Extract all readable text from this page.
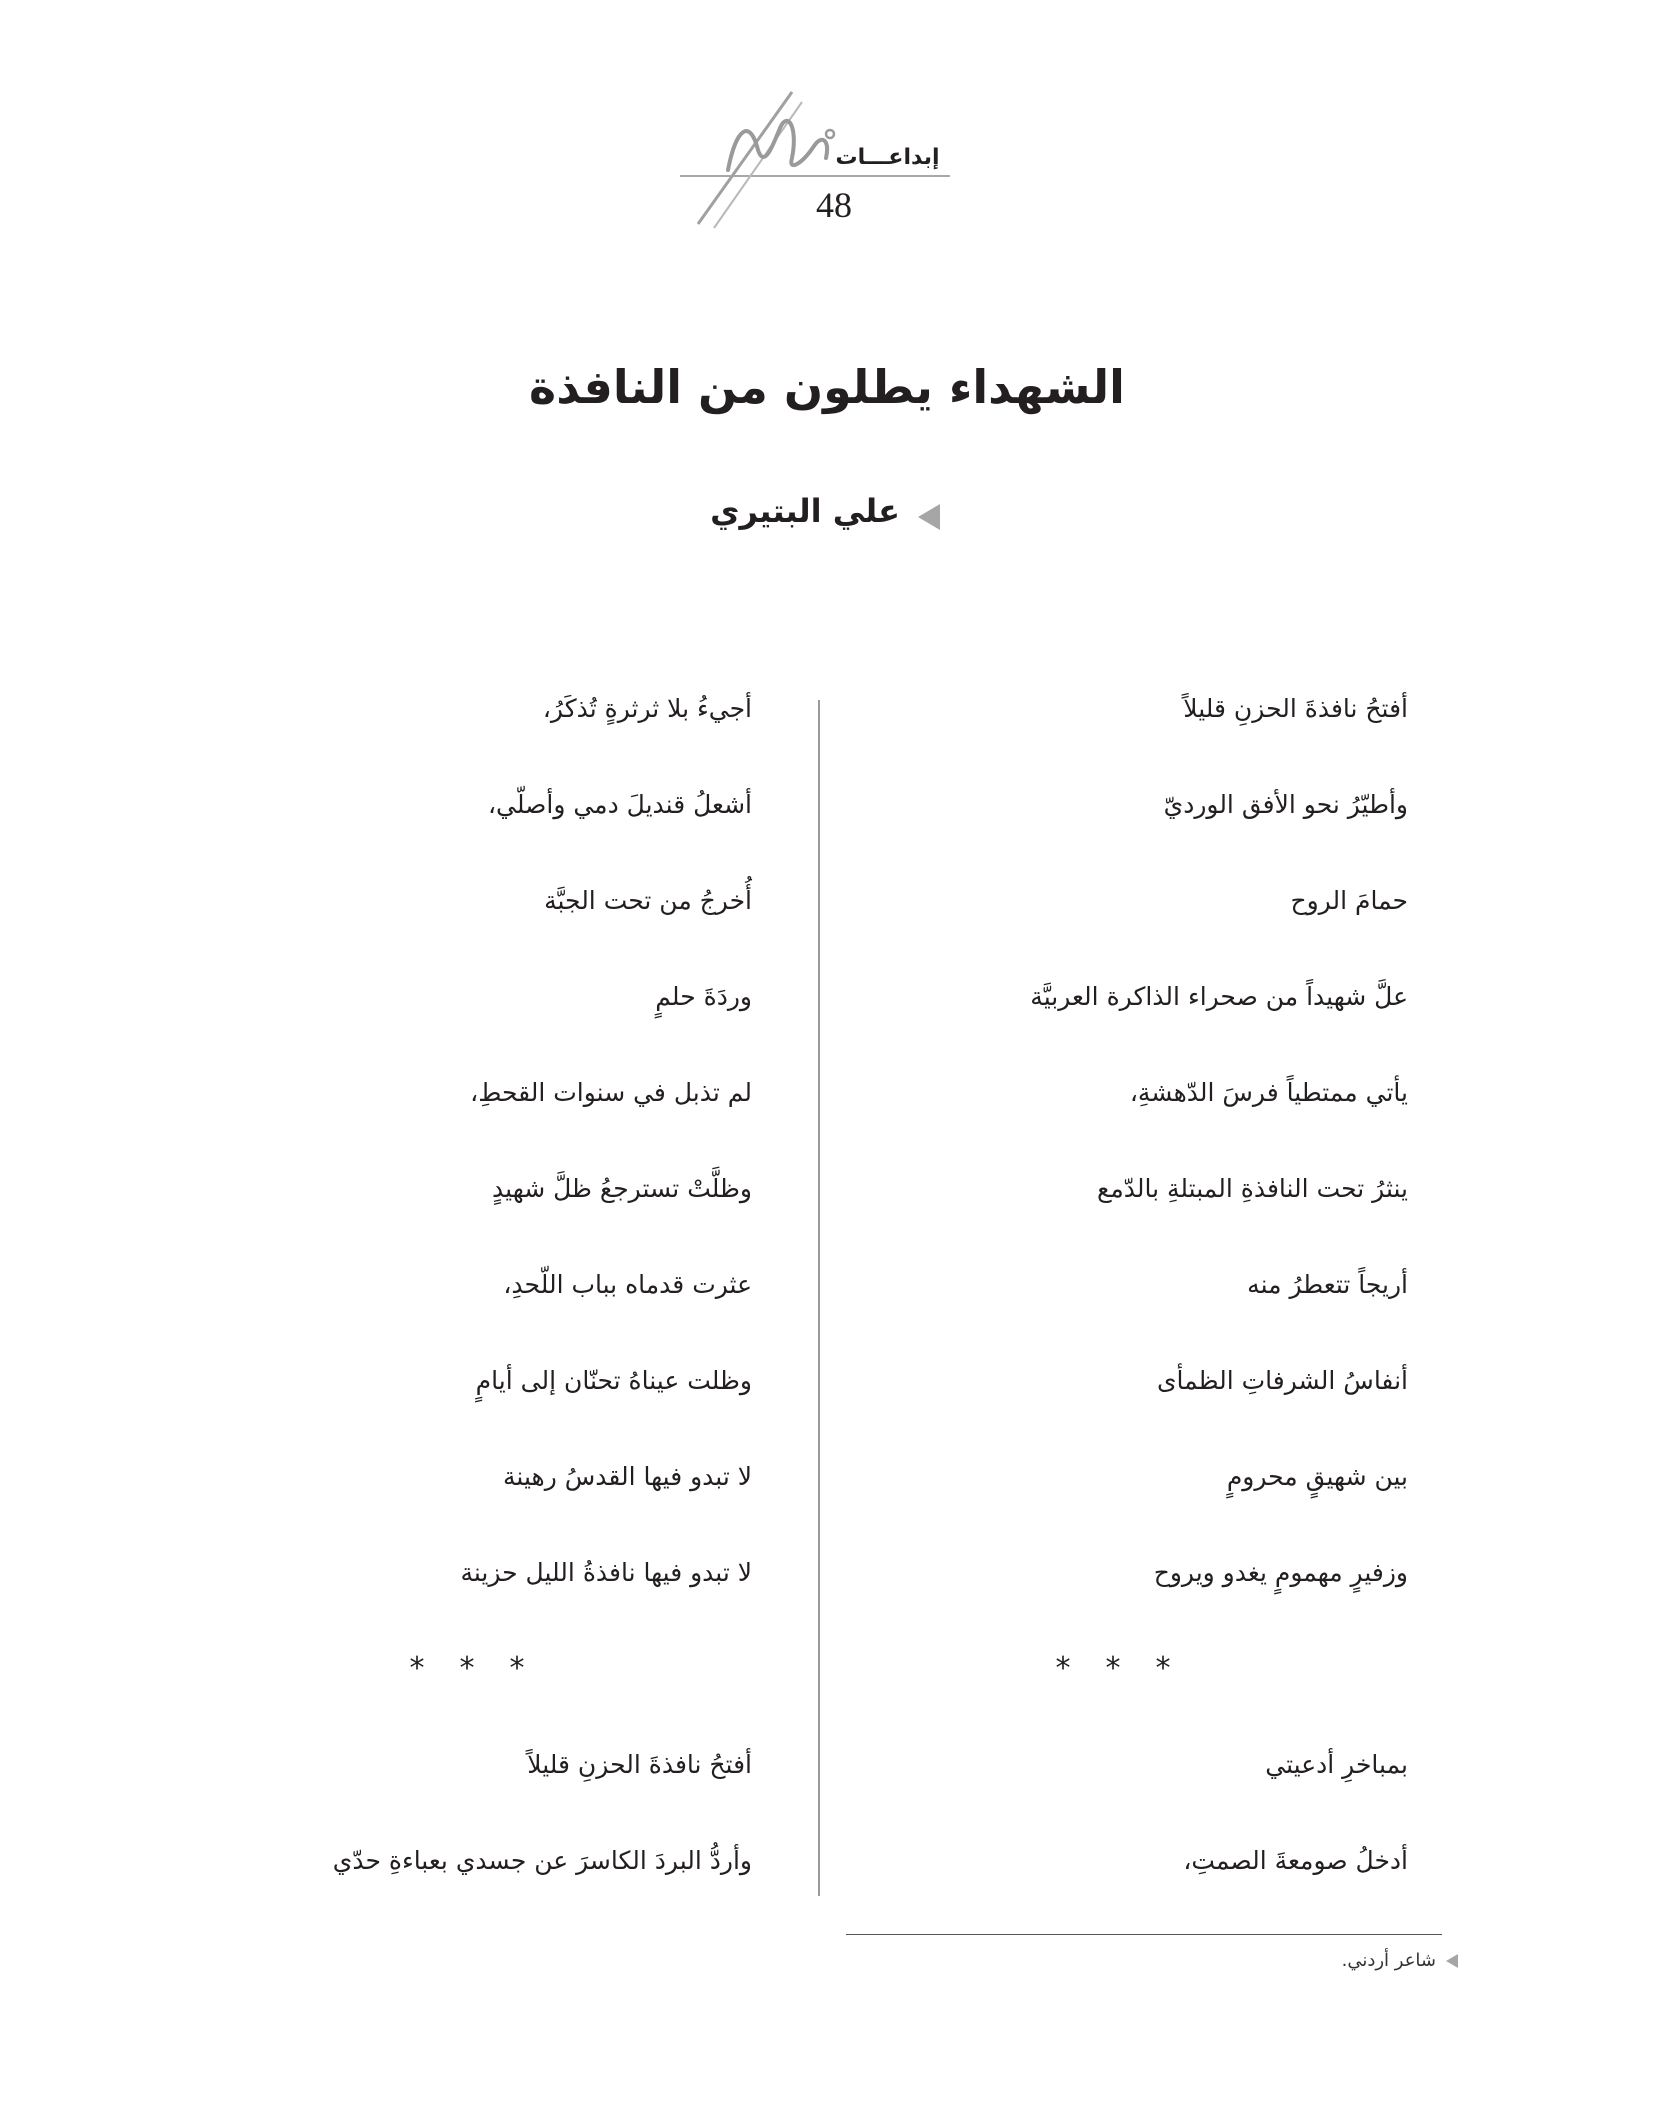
إبداعـــات
48
الشهداء يطلون من النافذة
علي البتيري
أفتحُ نافذةَ الحزنِ قليلاً
وأطيّرُ نحو الأفق الورديّ
حمامَ الروح
علَّ شهيداً من صحراء الذاكرة العربيَّة
يأتي ممتطياً فرسَ الدّهشةِ،
ينثرُ تحت النافذةِ المبتلةِ بالدّمع
أريجاً تتعطرُ منه
أنفاسُ الشرفاتِ الظمأى
بين شهيقٍ محرومٍ
وزفيرٍ مهمومٍ يغدو ويروح
***
بمباخرِ أدعيتي
أدخلُ صومعةَ الصمتِ،
أجيءُ بلا ثرثرةٍ تُذكَرُ،
أشعلُ قنديلَ دمي وأصلّي،
أُخرجُ من تحت الجبَّة
وردَةَ حلمٍ
لم تذبل في سنوات القحطِ،
وظلَّتْ تسترجعُ ظلَّ شهيدٍ
عثرت قدماه بباب اللّحدِ،
وظلت عيناهُ تحنّان إلى أيامٍ
لا تبدو فيها القدسُ رهينة
لا تبدو فيها نافذةُ الليل حزينة
***
أفتحُ نافذةَ الحزنِ قليلاً
وأردُّ البردَ الكاسرَ عن جسدي بعباءةِ حدّي
شاعر أردني.
